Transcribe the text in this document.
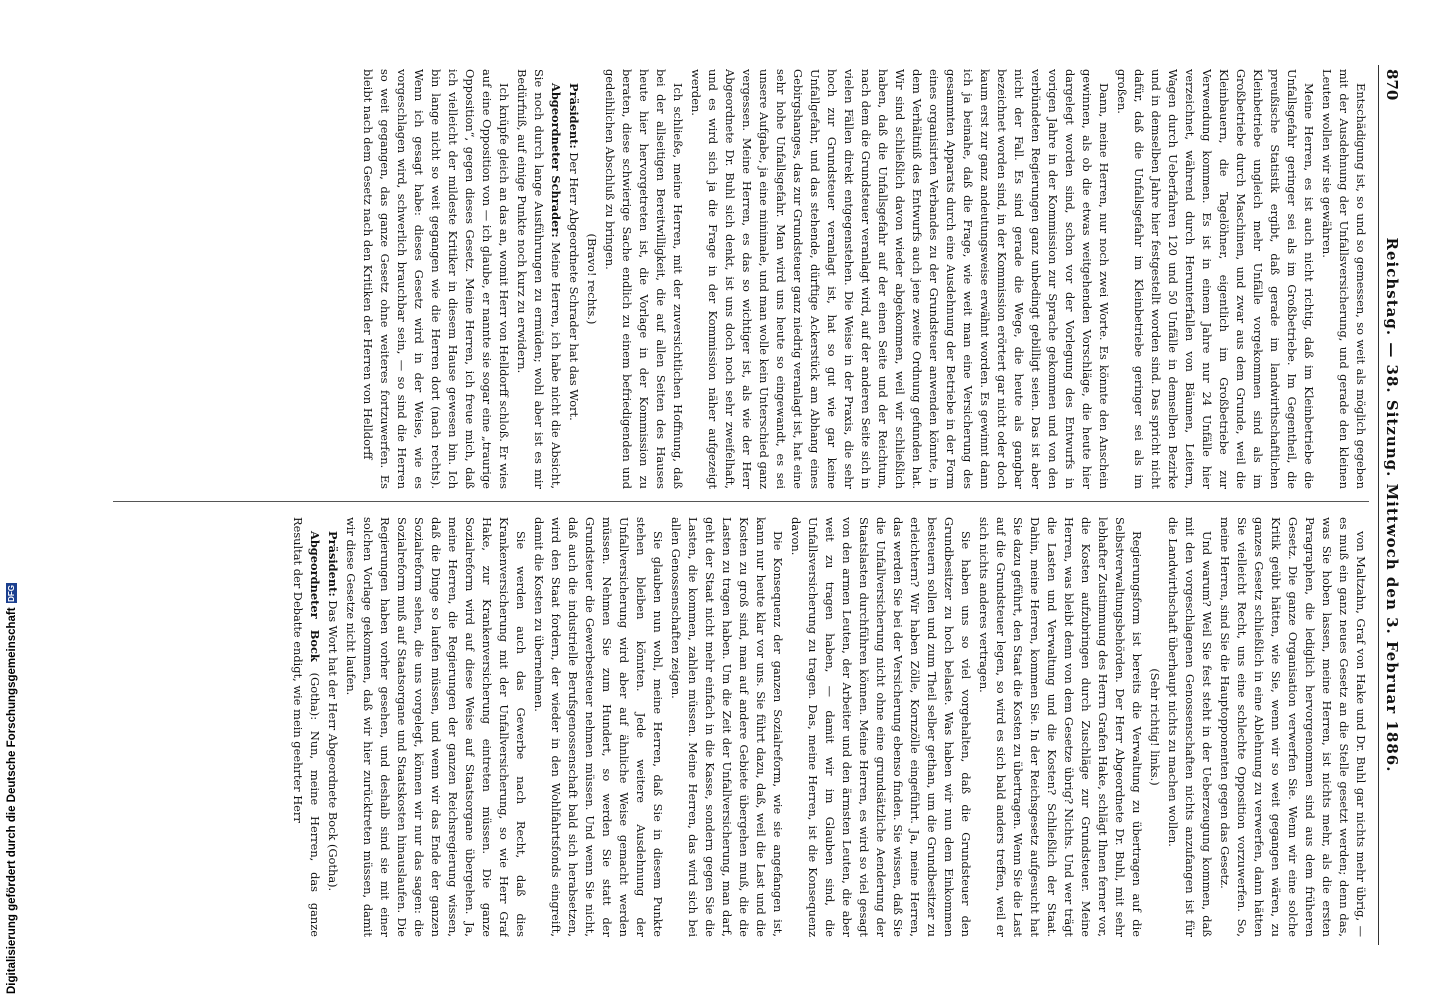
Digitalisierung gefördert durch die Deutsche ForschungsgemeinschaftDFG
870
Reichstag. — 38. Sitzung. Mittwoch den 3. Februar 1886.

Entschädigung ist, so und so gemessen, so weit als möglich gegeben mit der Ausdehnung der Unfallsversicherung, und gerade den kleinen Leuten wollen wir sie gewähren.

Meine Herren, es ist auch nicht richtig, daß im Kleinbetriebe die Unfallsgefahr geringer sei als im Großbetriebe. Im Gegentheil, die preußische Statistik ergibt, daß gerade im landwirthschaftlichen Kleinbetriebe ungleich mehr Unfälle vorgekommen sind als im Großbetriebe durch Maschinen, und zwar aus dem Grunde, weil die Kleinbauern, die Tagelöhner, eigentlich im Großbetriebe zur Verwendung kommen. Es ist in einem Jahre nur 24 Unfälle hier verzeichnet, während durch Herunterfallen von Bäumen, Leitern, Wagen durch Ueberfahren 120 und 50 Unfälle in demselben Bezirke und in demselben Jahre hier festgestellt worden sind. Das spricht nicht dafür, daß die Unfallsgefahr im Kleinbetriebe geringer sei als im großen.

Dann, meine Herren, nur noch zwei Worte. Es könnte den Anschein gewinnen, als ob die etwas weitgehenden Vorschläge, die heute hier dargelegt worden sind, schon vor der Vorlegung des Entwurfs in vorigen Jahre in der Kommission zur Sprache gekommen und von den verbündeten Regierungen ganz unbedingt gebilligt seien. Das ist aber nicht der Fall. Es sind gerade die Wege, die heute als gangbar bezeichnet worden sind, in der Kommission erörtert gar nicht oder doch kaum erst zur ganz andeutungsweise erwähnt worden. Es gewinnt dann ich ja beinahe, daß die Frage, wie weit man eine Versicherung des gesammten Apparats durch eine Ausdehnung der Betriebe in der Form eines organisirten Verbandes zu der Grundsteuer anwenden könnte, in dem Verhältniß des Entwurfs auch jene zweite Ordnung gefunden hat. Wir sind schließlich davon wieder abgekommen, weil wir schließlich haben, daß die Unfallsgefahr auf der einen Seite und der Reichtum, nach dem die Grundsteuer veranlagt wird, auf der anderen Seite sich in vielen Fällen direkt entgegenstehen. Die Weise in der Praxis, die sehr hoch zur Grundsteuer veranlagt ist, hat so gut wie gar keine Unfallgefahr, und das stehende, dürftige Ackerstück am Abhang eines Gebirgshanges, das zur Grundsteuer ganz niedrig veranlagt ist, hat eine sehr hohe Unfallsgefahr. Man wird uns heute so eingewandt, es sei unsere Aufgabe, ja eine minimale, und man wolle kein Unterschied ganz vergessen. Meine Herren, es das so wichtiger ist, als wie der Herr Abgeordnete Dr. Buhl sich denkt, ist uns doch noch sehr zweifelhaft, und es wird sich ja die Frage in der Kommission näher aufgezeigt werden.

Ich schließe, meine Herren, mit der zuversichtlichen Hoffnung, daß bei der allseitigen Bereitwilligkeit, die auf allen Seiten des Hauses heute hier hervorgetreten ist, die Vorlage in der Kommission zu beraten, diese schwierige Sache endlich zu einem befriedigenden und gedeihlichen Abschluß zu bringen.

(Bravo! rechts.)

Präsident: Der Herr Abgeordnete Schrader hat das Wort.

Abgeordneter Schrader: Meine Herren, ich habe nicht die Absicht, Sie noch durch lange Ausführungen zu ermüden; wohl aber ist es mir Bedürfniß, auf einige Punkte noch kurz zu erwidern.

Ich knüpfe gleich an das an, womit Herr von Helldorff schloß. Er wies auf eine Opposition von — ich glaube, er nannte sie sogar eine „traurige Opposition“, gegen dieses Gesetz. Meine Herren, ich freue mich, daß ich vielleicht der mildeste Kritiker in diesem Hause gewesen bin. Ich bin lange nicht so weit gegangen wie die Herren dort (nach rechts). Wenn ich gesagt habe: dieses Gesetz wird in der Weise, wie es vorgeschlagen wird, schwerlich brauchbar sein, — so sind die Herren so weit gegangen, das ganze Gesetz ohne weiteres fortzuwerfen. Es bleibt nach dem Gesetz nach den Kritiken der Herren von Helldorff

von Maltzahn, Graf von Hake und Dr. Buhl gar nichts mehr übrig, — es muß ein ganz neues Gesetz an die Stelle gesetzt werden; denn das, was Sie hoben lassen, meine Herren, ist nichts mehr, als die ersten Paragraphen, die lediglich hervorgenommen sind aus dem früheren Gesetz. Die ganze Organisation verwerfen Sie. Wenn wir eine solche Kritik geübt hätten, wie Sie, wenn wir so weit gegangen wären, zu ganzes Gesetz schließlich in eine Ablehnung zu verwerfen, dann hätten Sie vielleicht Recht, uns eine schlechte Opposition vorzuwerfen. So, meine Herren, sind Sie die Hauptopponenten gegen das Gesetz.

Und warum? Weil Sie fest steht in der Ueberzeugung kommen, daß mit den vorgeschlagenen Genossenschaften nichts anzufangen ist für die Landwirthschaft überhaupt nichts zu machen wollen.

(Sehr richtig! links.)

Regierungsform ist bereits die Verwaltung zu übertragen auf die Selbstverwaltungsbehörden. Der Herr Abgeordnete Dr. Buhl, mit sehr lebhafter Zustimmung des Herrn Grafen Hake, schlägt Ihnen ferner vor, die Kosten aufzubringen durch Zuschläge zur Grundsteuer. Meine Herren, was bleibt denn von dem Gesetze übrig? Nichts. Und wer trägt die Lasten und Verwaltung und die Kosten? Schließlich der Staat. Dahin, meine Herren, kommen Sie. In der Reichsgesetz aufgesucht hat Sie dazu geführt, den Staat die Kosten zu übertragen. Wenn Sie die Last auf die Grundsteuer legen, so wird es sich bald anders treffen, weil er sich nichts anderes vertragen.

Sie haben uns so viel vorgehalten, daß die Grundsteuer den Grundbesitzer zu hoch belaste. Was haben wir nun dem Einkommen besteuern sollen und zum Theil selber gethan, um die Grundbesitzer zu erleichtern? Wir haben Zölle, Kornzölle eingeführt. Ja, meine Herren, das werden Sie bei der Versicherung ebenso finden. Sie wissen, daß Sie die Unfallversicherung nicht ohne eine grundsätzliche Aenderung der Staatslasten durchführen können. Meine Herren, es wird so viel gesagt von den armen Leuten, der Arbeiter und den ärmsten Leuten, die aber weit zu tragen haben, — damit wir im Glauben sind, die Unfallsversicherung zu tragen. Das, meine Herren, ist die Konsequenz davon.

Die Konsequenz der ganzen Sozialreform, wie sie angefangen ist, kann nur heute klar vor uns. Sie führt dazu, daß, weil die Last und die Kosten zu groß sind, man auf andere Gebiete übergehen muß, die die Lasten zu tragen haben. Um die Zeit der Unfallversicherung, man darf, geht der Staat nicht mehr einfach in die Kasse, sondern gegen Sie die Lasten, die kommen, zahlen müssen. Meine Herren, das wird sich bei allen Genossenschaften zeigen.

Sie glauben nun wohl, meine Herren, daß Sie in diesem Punkte stehen bleiben könnten. Jede weitere Ausdehnung der Unfallversicherung wird aber auf ähnliche Weise gemacht werden müssen. Nehmen Sie zum Hundert, so werden Sie statt der Grundsteuer die Gewerbesteuer nehmen müssen. Und wenn Sie nicht, daß auch die industrielle Berufsgenossenschaft bald sich herabsetzen, wird den Staat fordern, der wieder in den Wohlfahrtsfonds eingreift, damit die Kosten zu übernehmen.

Sie werden auch das Gewerbe nach Recht, daß dies Krankenversicherung mit der Unfallversicherung, so wie Herr Graf Hake, zur Krankenversicherung eintreten müssen. Die ganze Sozialreform wird auf diese Weise auf Staatsorgane übergehen. Ja, meine Herren, die Regierungen der ganzen Reichsregierung wissen, daß die Dinge so laufen müssen, und wenn wir das Ende der ganzen Sozialreform sehen, die uns vorgelegt, können wir nur das sagen: die Sozialreform muß auf Staatsorgane und Staatskosten hinauslaufen. Die Regierungen haben vorher gesehen, und deshalb sind sie mit einer solchen Vorlage gekommen, daß wir hier zurücktreten müssen, damit wir diese Gesetze nicht laufen.

Präsident: Das Wort hat der Herr Abgeordnete Bock (Gotha).

Abgeordneter Bock (Gotha): Nun, meine Herren, das ganze Resultat der Debatte endigt, wie mein geehrter Herr
